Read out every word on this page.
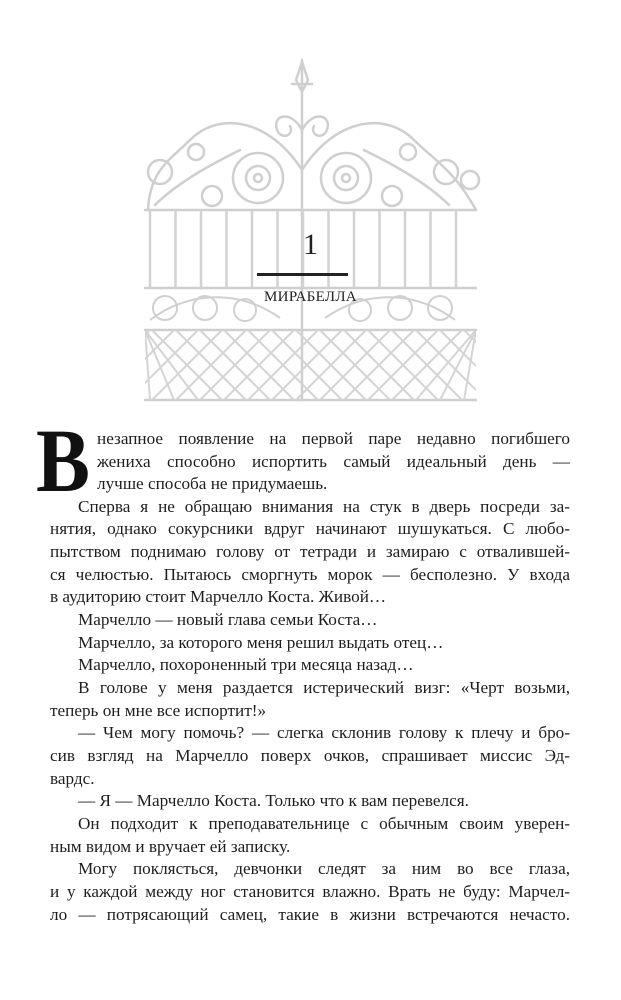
1
МИРАБЕЛЛА
В незапное появление на первой паре недавно погибшего
жениха способно испортить самый идеальный день —
лучше способа не придумаешь.
Сперва я не обращаю внимания на стук в дверь посреди за-
нятия, однако сокурсники вдруг начинают шушукаться. С любо-
пытством поднимаю голову от тетради и замираю с отвалившей-
ся челюстью. Пытаюсь сморгнуть морок — бесполезно. У входа
в аудиторию стоит Марчелло Коста. Живой…
Марчелло — новый глава семьи Коста…
Марчелло, за которого меня решил выдать отец…
Марчелло, похороненный три месяца назад…
В голове у меня раздается истерический визг: «Черт возьми,
теперь он мне все испортит!»
— Чем могу помочь? — слегка склонив голову к плечу и бро-
сив взгляд на Марчелло поверх очков, спрашивает миссис Эд-
вардс.
— Я — Марчелло Коста. Только что к вам перевелся.
Он подходит к преподавательнице с обычным своим уверен-
ным видом и вручает ей записку.
Могу поклясться, девчонки следят за ним во все глаза,
и у каждой между ног становится влажно. Врать не буду: Марчел-
ло — потрясающий самец, такие в жизни встречаются нечасто.
